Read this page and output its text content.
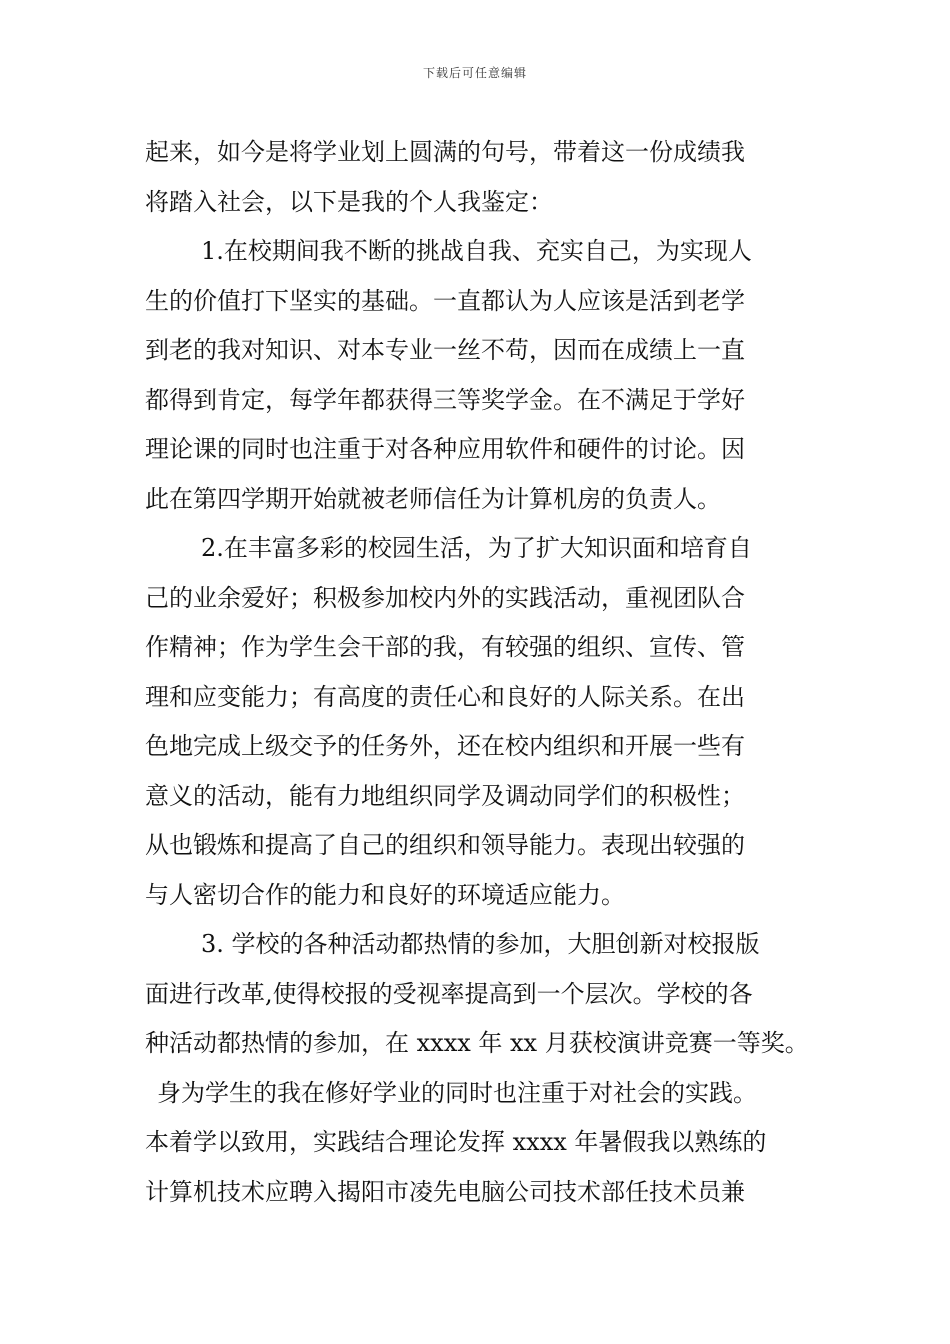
下载后可任意编辑
起来，如今是将学业划上圆满的句号，带着这一份成绩我
将踏入社会，以下是我的个人我鉴定：
1.在校期间我不断的挑战自我、充实自己，为实现人
生的价值打下坚实的基础。一直都认为人应该是活到老学
到老的我对知识、对本专业一丝不苟，因而在成绩上一直
都得到肯定，每学年都获得三等奖学金。在不满足于学好
理论课的同时也注重于对各种应用软件和硬件的讨论。因
此在第四学期开始就被老师信任为计算机房的负责人。
2.在丰富多彩的校园生活，为了扩大知识面和培育自
己的业余爱好；积极参加校内外的实践活动，重视团队合
作精神；作为学生会干部的我，有较强的组织、宣传、管
理和应变能力；有高度的责任心和良好的人际关系。在出
色地完成上级交予的任务外，还在校内组织和开展一些有
意义的活动，能有力地组织同学及调动同学们的积极性；
从也锻炼和提高了自己的组织和领导能力。表现出较强的
与人密切合作的能力和良好的环境适应能力。
3. 学校的各种活动都热情的参加，大胆创新对校报版
面进行改革,使得校报的受视率提高到一个层次。学校的各
种活动都热情的参加，在 xxxx 年 xx 月获校演讲竞赛一等奖。
身为学生的我在修好学业的同时也注重于对社会的实践。
本着学以致用，实践结合理论发挥 xxxx 年暑假我以熟练的
计算机技术应聘入揭阳市凌先电脑公司技术部任技术员兼
